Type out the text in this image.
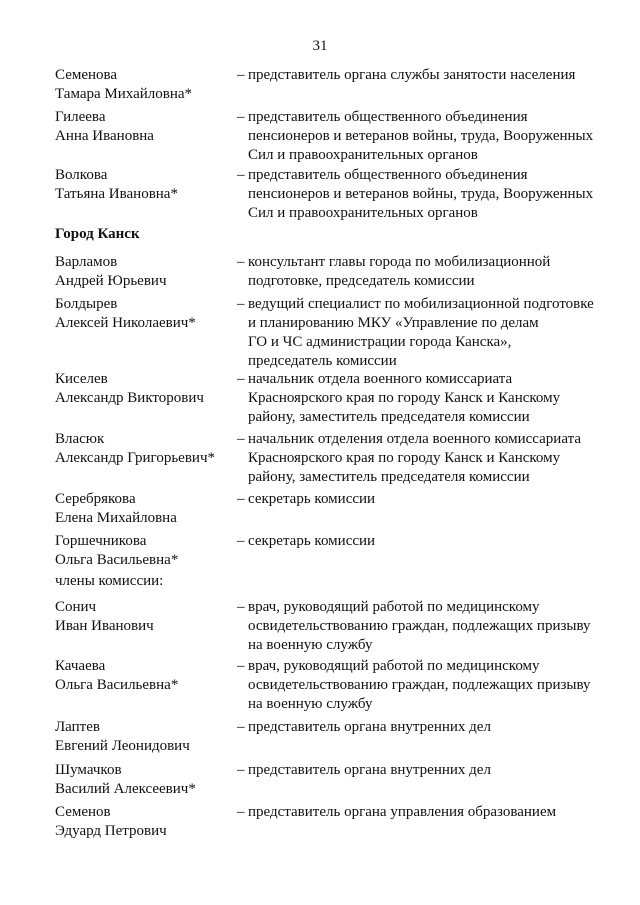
31
Город Канск
члены комиссии:
Семенова
Тамара Михайловна*
– представитель органа службы занятости населения
Гилеева
Анна Ивановна
– представитель общественного объединения
пенсионеров и ветеранов войны, труда, Вооруженных
Сил и правоохранительных органов
Волкова
Татьяна Ивановна*
– представитель общественного объединения
пенсионеров и ветеранов войны, труда, Вооруженных
Сил и правоохранительных органов
Варламов
Андрей Юрьевич
– консультант главы города по мобилизационной
подготовке, председатель комиссии
Болдырев
Алексей Николаевич*
– ведущий специалист по мобилизационной подготовке
и планированию МКУ «Управление по делам
ГО и ЧС администрации города Канска»,
председатель комиссии
Киселев
Александр Викторович
– начальник отдела военного комиссариата
Красноярского края по городу Канск и Канскому
району, заместитель председателя комиссии
Власюк
Александр Григорьевич*
– начальник отделения отдела военного комиссариата
Красноярского края по городу Канск и Канскому
району, заместитель председателя комиссии
Серебрякова
Елена Михайловна
– секретарь комиссии
Горшечникова
Ольга Васильевна*
– секретарь комиссии
Сонич
Иван Иванович
– врач, руководящий работой по медицинскому
освидетельствованию граждан, подлежащих призыву
на военную службу
Качаева
Ольга Васильевна*
– врач, руководящий работой по медицинскому
освидетельствованию граждан, подлежащих призыву
на военную службу
Лаптев
Евгений Леонидович
– представитель органа внутренних дел
Шумачков
Василий Алексеевич*
– представитель органа внутренних дел
Семенов
Эдуард Петрович
– представитель органа управления образованием
